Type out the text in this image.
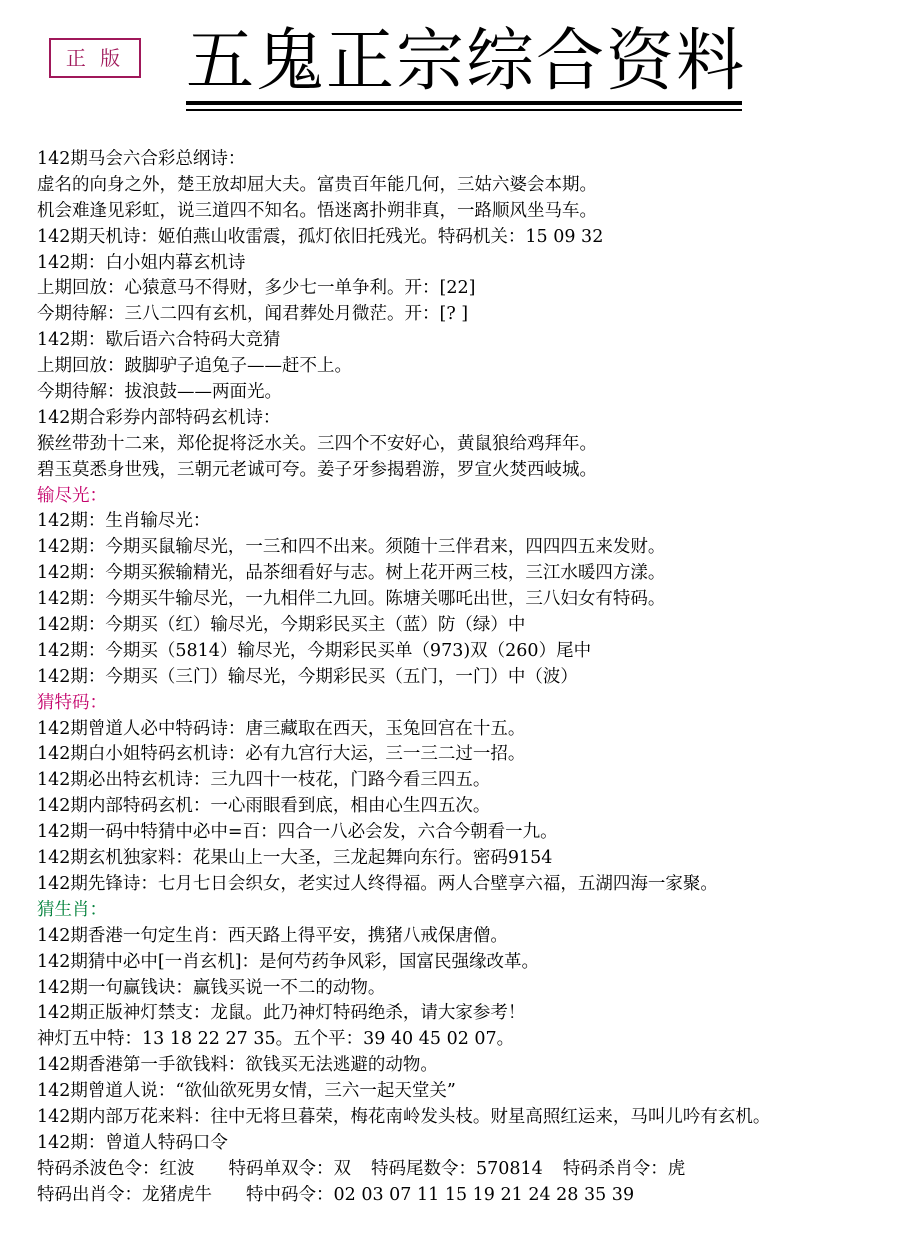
正 版 五鬼正宗综合资料
142期马会六合彩总纲诗：
虚名的向身之外，楚王放却屈大夫。富贵百年能几何，三姑六婆会本期。
机会难逢见彩虹，说三道四不知名。悟迷离扑朔非真，一路顺风坐马车。
142期天机诗：姬伯燕山收雷震，孤灯依旧托残光。特码机关：15 09 32
142期：白小姐内幕玄机诗
上期回放：心猿意马不得财，多少七一单争利。开：[22]
今期待解：三八二四有玄机，闻君葬处月微茫。开：[? ]
142期：歇后语六合特码大竞猜
上期回放：跛脚驴子追兔子——赶不上。
今期待解：拔浪鼓——两面光。
142期合彩券内部特码玄机诗：
猴丝带劲十二来，郑伦捉将泛水关。三四个不安好心，黄鼠狼给鸡拜年。
碧玉莫悉身世残，三朝元老诚可夸。姜子牙参揭碧游，罗宣火焚西岐城。
输尽光：
142期：生肖输尽光：
142期：今期买鼠输尽光，一三和四不出来。须随十三伴君来，四四四五来发财。
142期：今期买猴输精光，品茶细看好与志。树上花开两三枝，三江水暖四方漾。
142期：今期买牛输尽光，一九相伴二九回。陈塘关哪吒出世，三八妇女有特码。
142期：今期买（红）输尽光，今期彩民买主（蓝）防（绿）中
142期：今期买（5814）输尽光，今期彩民买单（973)双（260）尾中
142期：今期买（三门）输尽光，今期彩民买（五门，一门）中（波）
猜特码：
142期曾道人必中特码诗：唐三藏取在西天，玉兔回宫在十五。
142期白小姐特码玄机诗：必有九宫行大运，三一三二过一招。
142期必出特玄机诗：三九四十一枝花，门路今看三四五。
142期内部特码玄机：一心雨眼看到底，相由心生四五次。
142期一码中特猜中必中=百：四合一八必会发，六合今朝看一九。
142期玄机独家料：花果山上一大圣，三龙起舞向东行。密码9154
142期先锋诗：七月七日会织女，老实过人终得福。两人合壁享六福，五湖四海一家聚。
猜生肖：
142期香港一句定生肖：西天路上得平安，携猪八戒保唐僧。
142期猜中必中[一肖玄机]：是何芍药争风彩，国富民强缘改革。
142期一句赢钱诀：赢钱买说一不二的动物。
142期正版神灯禁支：龙鼠。此乃神灯特码绝杀，请大家参考！
神灯五中特：13 18 22 27 35。五个平：39 40 45 02 07。
142期香港第一手欲钱料：欲钱买无法逃避的动物。
142期曾道人说：“欲仙欲死男女情，三六一起天堂关”
142期内部万花来料：往中无将旦暮荣，梅花南岭发头枝。财星高照红运来，马叫儿吟有玄机。
142期：曾道人特码口令
特码杀波色令：红波 特码单双令：双 特码尾数令：570814 特码杀肖令：虎
特码出肖令：龙猪虎牛 特中码令：02 03 07 11 15 19 21 24 28 35 39
